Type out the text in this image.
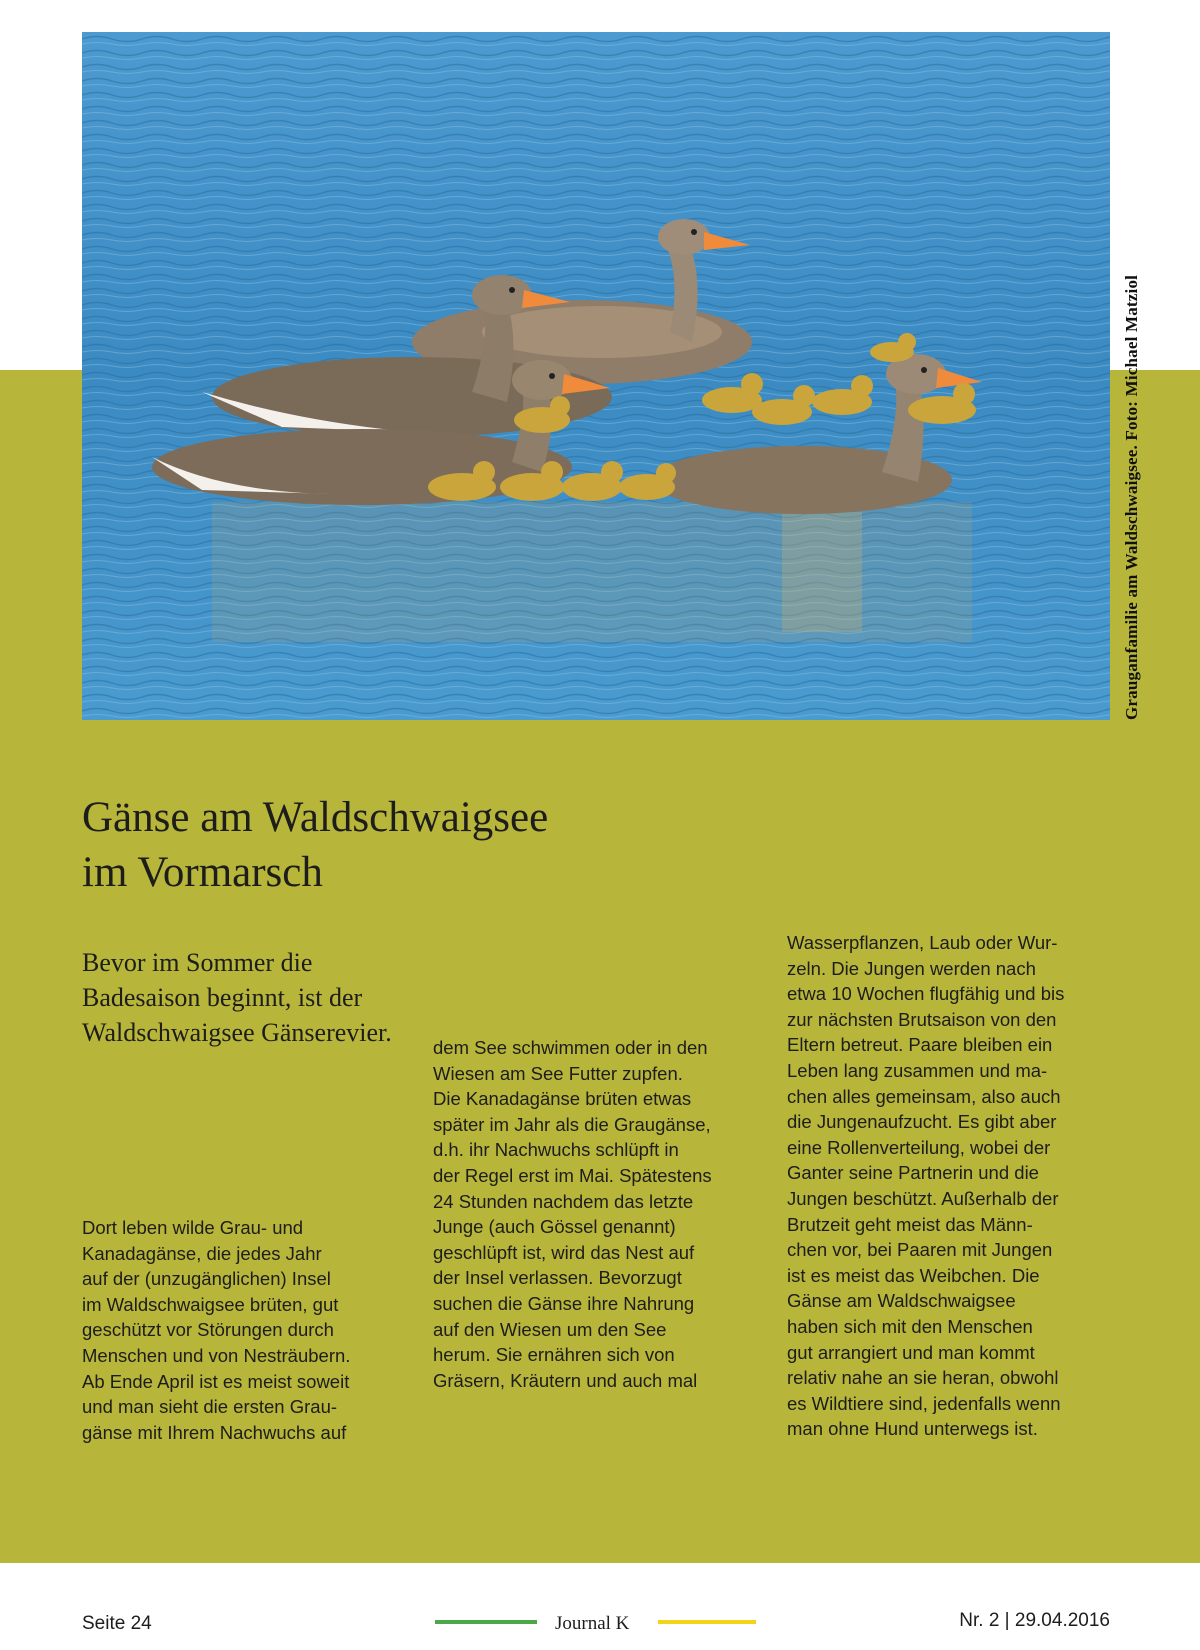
Grauganfamilie am Waldschwaigsee. Foto: Michael Matziol
Gänse am Waldschwaigsee
im Vormarsch

Bevor im Sommer die Badesaison beginnt, ist der Waldschwaigsee Gänserevier.

Dort leben wilde Grau- und
Kanadagänse, die jedes Jahr
auf der (unzugänglichen) Insel
im Waldschwaigsee brüten, gut
geschützt vor Störungen durch
Menschen und von Nesträubern.
Ab Ende April ist es meist soweit
und man sieht die ersten Grau-
gänse mit Ihrem Nachwuchs auf

dem See schwimmen oder in den
Wiesen am See Futter zupfen.
Die Kanadagänse brüten etwas
später im Jahr als die Graugänse,
d.h. ihr Nachwuchs schlüpft in
der Regel erst im Mai. Spätestens
24 Stunden nachdem das letzte
Junge (auch Gössel genannt)
geschlüpft ist, wird das Nest auf
der Insel verlassen. Bevorzugt
suchen die Gänse ihre Nahrung
auf den Wiesen um den See
herum. Sie ernähren sich von
Gräsern, Kräutern und auch mal

Wasserpflanzen, Laub oder Wur-
zeln. Die Jungen werden nach
etwa 10 Wochen flugfähig und bis
zur nächsten Brutsaison von den
Eltern betreut. Paare bleiben ein
Leben lang zusammen und ma-
chen alles gemeinsam, also auch
die Jungenaufzucht. Es gibt aber
eine Rollenverteilung, wobei der
Ganter seine Partnerin und die
Jungen beschützt. Außerhalb der
Brutzeit geht meist das Männ-
chen vor, bei Paaren mit Jungen
ist es meist das Weibchen. Die
Gänse am Waldschwaigsee
haben sich mit den Menschen
gut arrangiert und man kommt
relativ nahe an sie heran, obwohl
es Wildtiere sind, jedenfalls wenn
man ohne Hund unterwegs ist.

Seite 24	Journal K	Nr. 2 | 29.04.2016
